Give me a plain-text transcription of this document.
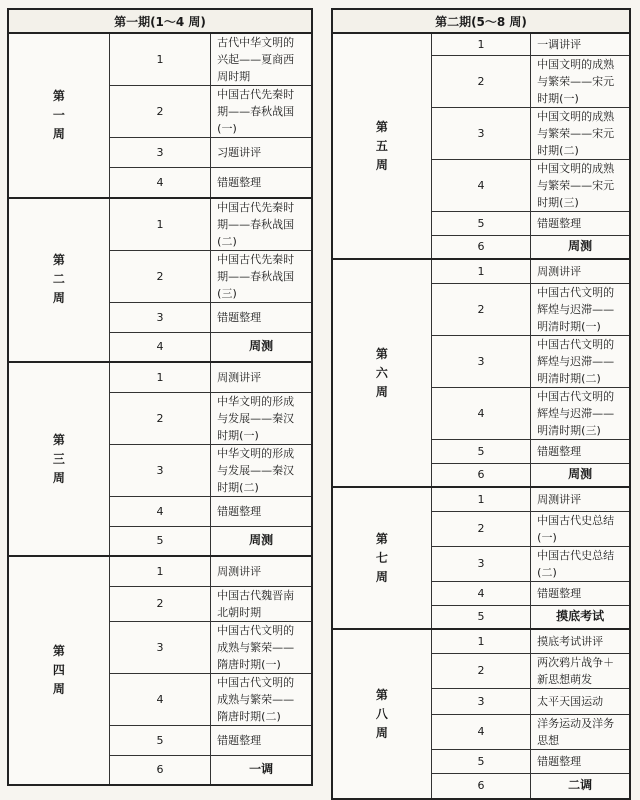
第一期(1～4 周)		

第
一
周	1	古代中华文明的兴起——夏商西周时期
	2	中国古代先秦时期——春秋战国(一)
	3	习题讲评
	4	错题整理

第
二
周	1	中国古代先秦时期——春秋战国(二)
	2	中国古代先秦时期——春秋战国(三)
	3	错题整理
	4	周测

第
三
周	1	周测讲评
	2	中华文明的形成与发展——秦汉时期(一)
	3	中华文明的形成与发展——秦汉时期(二)
	4	错题整理
	5	周测

第
四
周	1	周测讲评
	2	中国古代魏晋南北朝时期
	3	中国古代文明的成熟与繁荣——隋唐时期(一)
	4	中国古代文明的成熟与繁荣——隋唐时期(二)
	5	错题整理
	6	一调
第二期(5～8 周)		

第
五
周	1	一调讲评
	2	中国文明的成熟与繁荣——宋元时期(一)
	3	中国文明的成熟与繁荣——宋元时期(二)
	4	中国文明的成熟与繁荣——宋元时期(三)
	5	错题整理
	6	周测

第
六
周	1	周测讲评
	2	中国古代文明的辉煌与迟滞——明清时期(一)
	3	中国古代文明的辉煌与迟滞——明清时期(二)
	4	中国古代文明的辉煌与迟滞——明清时期(三)
	5	错题整理
	6	周测

第
七
周	1	周测讲评
	2	中国古代史总结(一)
	3	中国古代史总结(二)
	4	错题整理
	5	摸底考试

第
八
周	1	摸底考试讲评
	2	两次鸦片战争＋新思想萌发
	3	太平天国运动
	4	洋务运动及洋务思想
	5	错题整理
	6	二调
